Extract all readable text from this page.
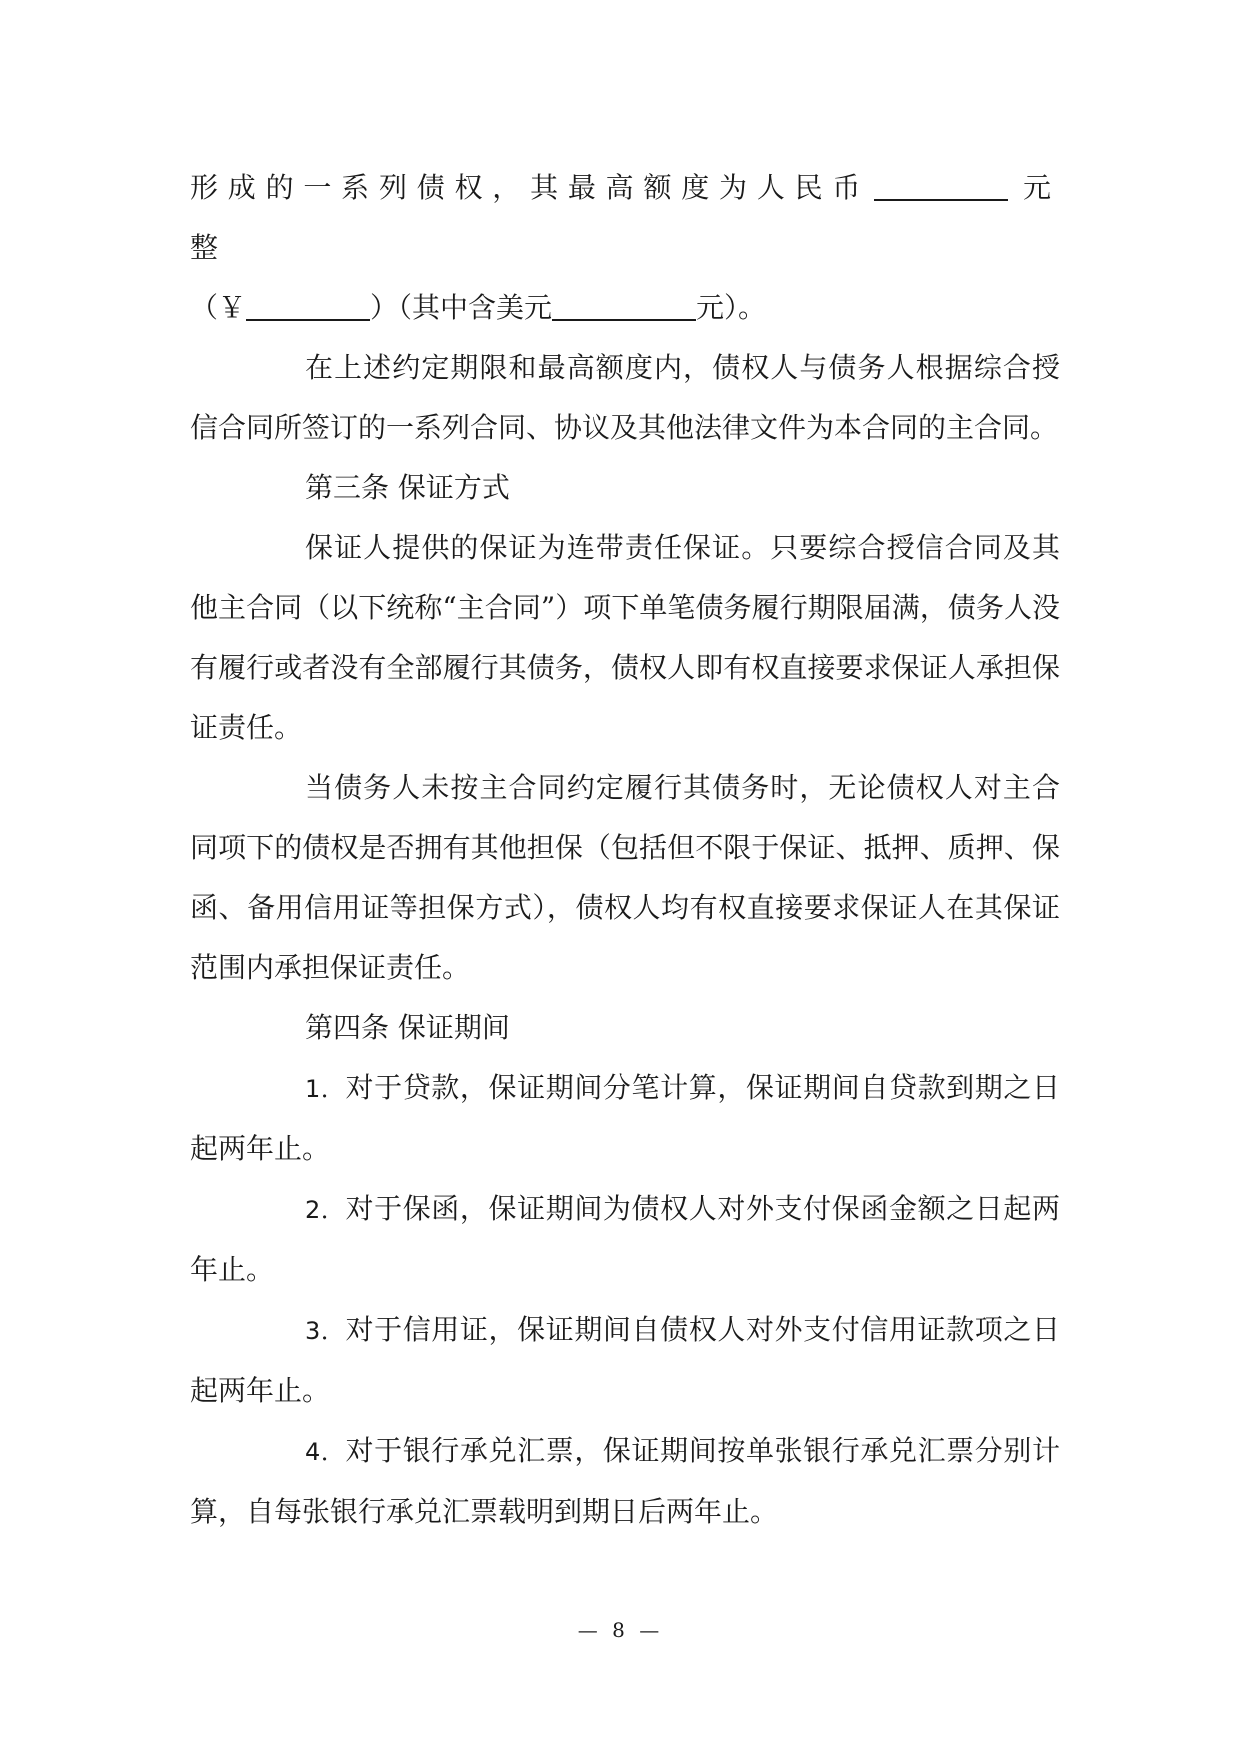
形成的一系列债权，其最高额度为人民币	元整

（￥	）（其中含美元	元）。

在上述约定期限和最高额度内，债权人与债务人根据综合授信合同所签订的一系列合同、协议及其他法律文件为本合同的主合同。

第三条 保证方式

保证人提供的保证为连带责任保证。只要综合授信合同及其他主合同（以下统称“主合同”）项下单笔债务履行期限届满，债务人没有履行或者没有全部履行其债务，债权人即有权直接要求保证人承担保证责任。

当债务人未按主合同约定履行其债务时，无论债权人对主合同项下的债权是否拥有其他担保（包括但不限于保证、抵押、质押、保函、备用信用证等担保方式），债权人均有权直接要求保证人在其保证范围内承担保证责任。

第四条 保证期间

1．对于贷款，保证期间分笔计算，保证期间自贷款到期之日起两年止。

2．对于保函，保证期间为债权人对外支付保函金额之日起两年止。

3．对于信用证，保证期间自债权人对外支付信用证款项之日起两年止。

4．对于银行承兑汇票，保证期间按单张银行承兑汇票分别计算，自每张银行承兑汇票载明到期日后两年止。

— 8 —
